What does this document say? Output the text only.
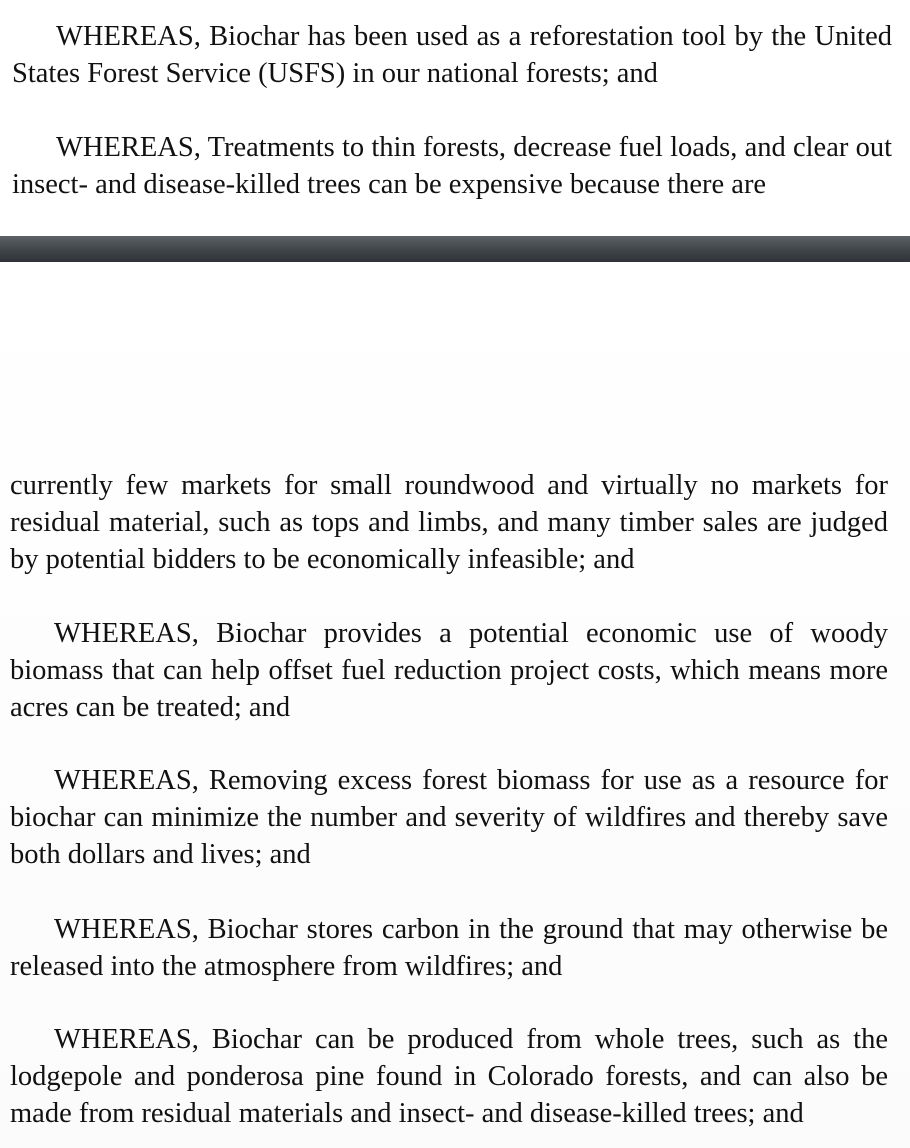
WHEREAS, Biochar has been used as a reforestation tool by the United States Forest Service (USFS) in our national forests; and

WHEREAS, Treatments to thin forests, decrease fuel loads, and clear out insect- and disease-killed trees can be expensive because there are

currently few markets for small roundwood and virtually no markets for residual material, such as tops and limbs, and many timber sales are judged by potential bidders to be economically infeasible; and

WHEREAS, Biochar provides a potential economic use of woody biomass that can help offset fuel reduction project costs, which means more acres can be treated; and

WHEREAS, Removing excess forest biomass for use as a resource for biochar can minimize the number and severity of wildfires and thereby save both dollars and lives; and

WHEREAS, Biochar stores carbon in the ground that may otherwise be released into the atmosphere from wildfires; and

WHEREAS, Biochar can be produced from whole trees, such as the lodgepole and ponderosa pine found in Colorado forests, and can also be made from residual materials and insect- and disease-killed trees; and
